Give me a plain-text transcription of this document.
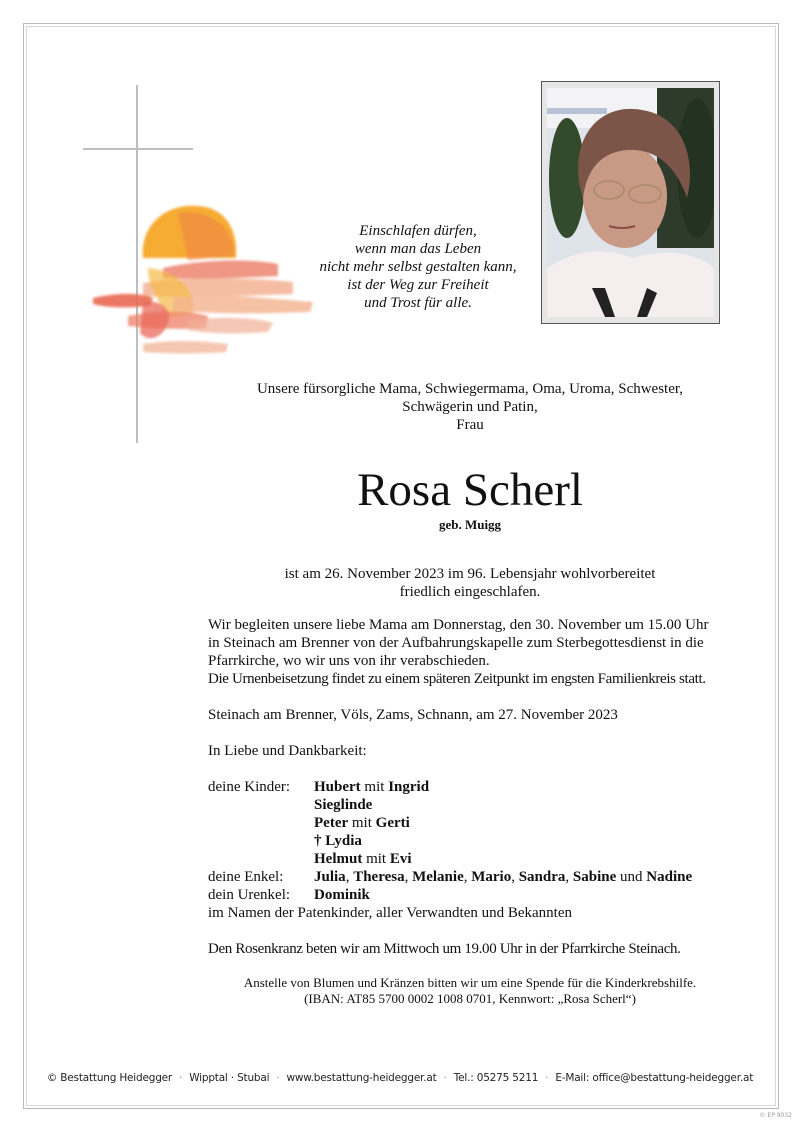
Einschlafen dürfen,
wenn man das Leben
nicht mehr selbst gestalten kann,
ist der Weg zur Freiheit
und Trost für alle.
Unsere fürsorgliche Mama, Schwiegermama, Oma, Uroma, Schwester,
Schwägerin und Patin,
Frau
Rosa Scherl
geb. Muigg
ist am 26. November 2023 im 96. Lebensjahr wohlvorbereitet
friedlich eingeschlafen.
Wir begleiten unsere liebe Mama am Donnerstag, den 30. November um 15.00 Uhr
in Steinach am Brenner von der Aufbahrungskapelle zum Sterbegottesdienst in die
Pfarrkirche, wo wir uns von ihr verabschieden.
Die Urnenbeisetzung findet zu einem späteren Zeitpunkt im engsten Familienkreis statt.
Steinach am Brenner, Völs, Zams, Schnann, am 27. November 2023
In Liebe und Dankbarkeit:
deine Kinder: Hubert mit Ingrid
Sieglinde
Peter mit Gerti
† Lydia
Helmut mit Evi
deine Enkel: Julia, Theresa, Melanie, Mario, Sandra, Sabine und Nadine
dein Urenkel: Dominik
im Namen der Patenkinder, aller Verwandten und Bekannten
Den Rosenkranz beten wir am Mittwoch um 19.00 Uhr in der Pfarrkirche Steinach.
Anstelle von Blumen und Kränzen bitten wir um eine Spende für die Kinderkrebshilfe.
(IBAN: AT85 5700 0002 1008 0701, Kennwort: „Rosa Scherl“)
© Bestattung Heidegger · Wipptal · Stubai · www.bestattung-heidegger.at · Tel.: 05275 5211 · E-Mail: office@bestattung-heidegger.at
© EP 9032
